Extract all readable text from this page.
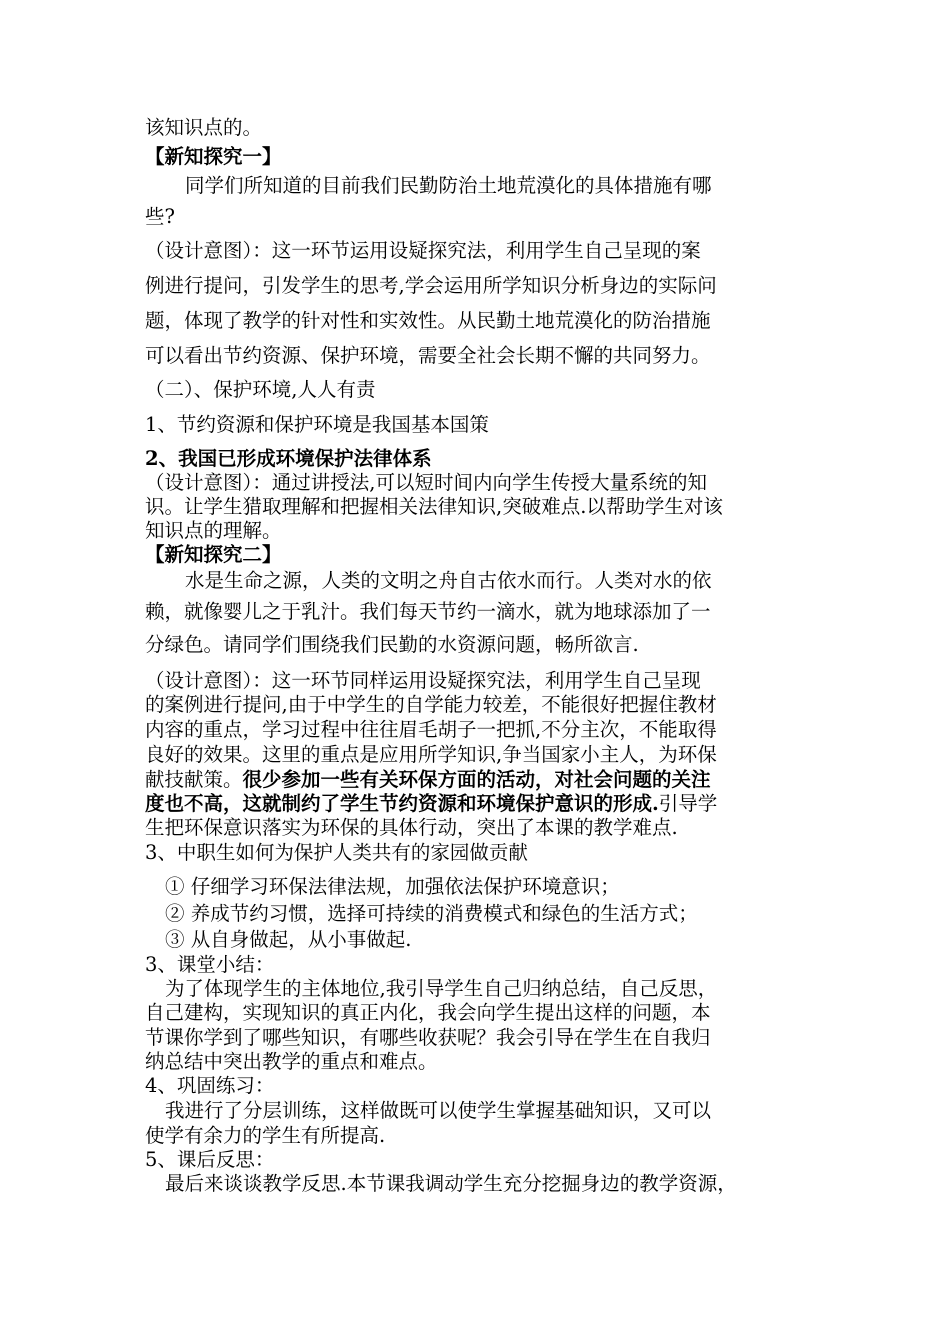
该知识点的。
【新知探究一】
同学们所知道的目前我们民勤防治土地荒漠化的具体措施有哪
些?
（设计意图）：这一环节运用设疑探究法，利用学生自己呈现的案
例进行提问，引发学生的思考,学会运用所学知识分析身边的实际问
题，体现了教学的针对性和实效性。从民勤土地荒漠化的防治措施
可以看出节约资源、保护环境，需要全社会长期不懈的共同努力。
（二）、保护环境,人人有责
1、节约资源和保护环境是我国基本国策
2、我国已形成环境保护法律体系
（设计意图）：通过讲授法,可以短时间内向学生传授大量系统的知
识。让学生猎取理解和把握相关法律知识,突破难点.以帮助学生对该
知识点的理解。
【新知探究二】
水是生命之源，人类的文明之舟自古依水而行。人类对水的依
赖，就像婴儿之于乳汁。我们每天节约一滴水，就为地球添加了一
分绿色。请同学们围绕我们民勤的水资源问题，畅所欲言.
（设计意图）：这一环节同样运用设疑探究法，利用学生自己呈现
的案例进行提问,由于中学生的自学能力较差，不能很好把握住教材
内容的重点，学习过程中往往眉毛胡子一把抓,不分主次，不能取得
良好的效果。这里的重点是应用所学知识,争当国家小主人，为环保
献技献策。很少参加一些有关环保方面的活动，对社会问题的关注
度也不高，这就制约了学生节约资源和环境保护意识的形成.引导学
生把环保意识落实为环保的具体行动，突出了本课的教学难点.
3、中职生如何为保护人类共有的家园做贡献
① 仔细学习环保法律法规，加强依法保护环境意识；
② 养成节约习惯，选择可持续的消费模式和绿色的生活方式；
③ 从自身做起，从小事做起.
3、课堂小结：
为了体现学生的主体地位,我引导学生自己归纳总结，自己反思，
自己建构，实现知识的真正内化，我会向学生提出这样的问题，本
节课你学到了哪些知识，有哪些收获呢？我会引导在学生在自我归
纳总结中突出教学的重点和难点。
4、巩固练习：
我进行了分层训练，这样做既可以使学生掌握基础知识，又可以
使学有余力的学生有所提高.
5、课后反思：
最后来谈谈教学反思.本节课我调动学生充分挖掘身边的教学资源，
